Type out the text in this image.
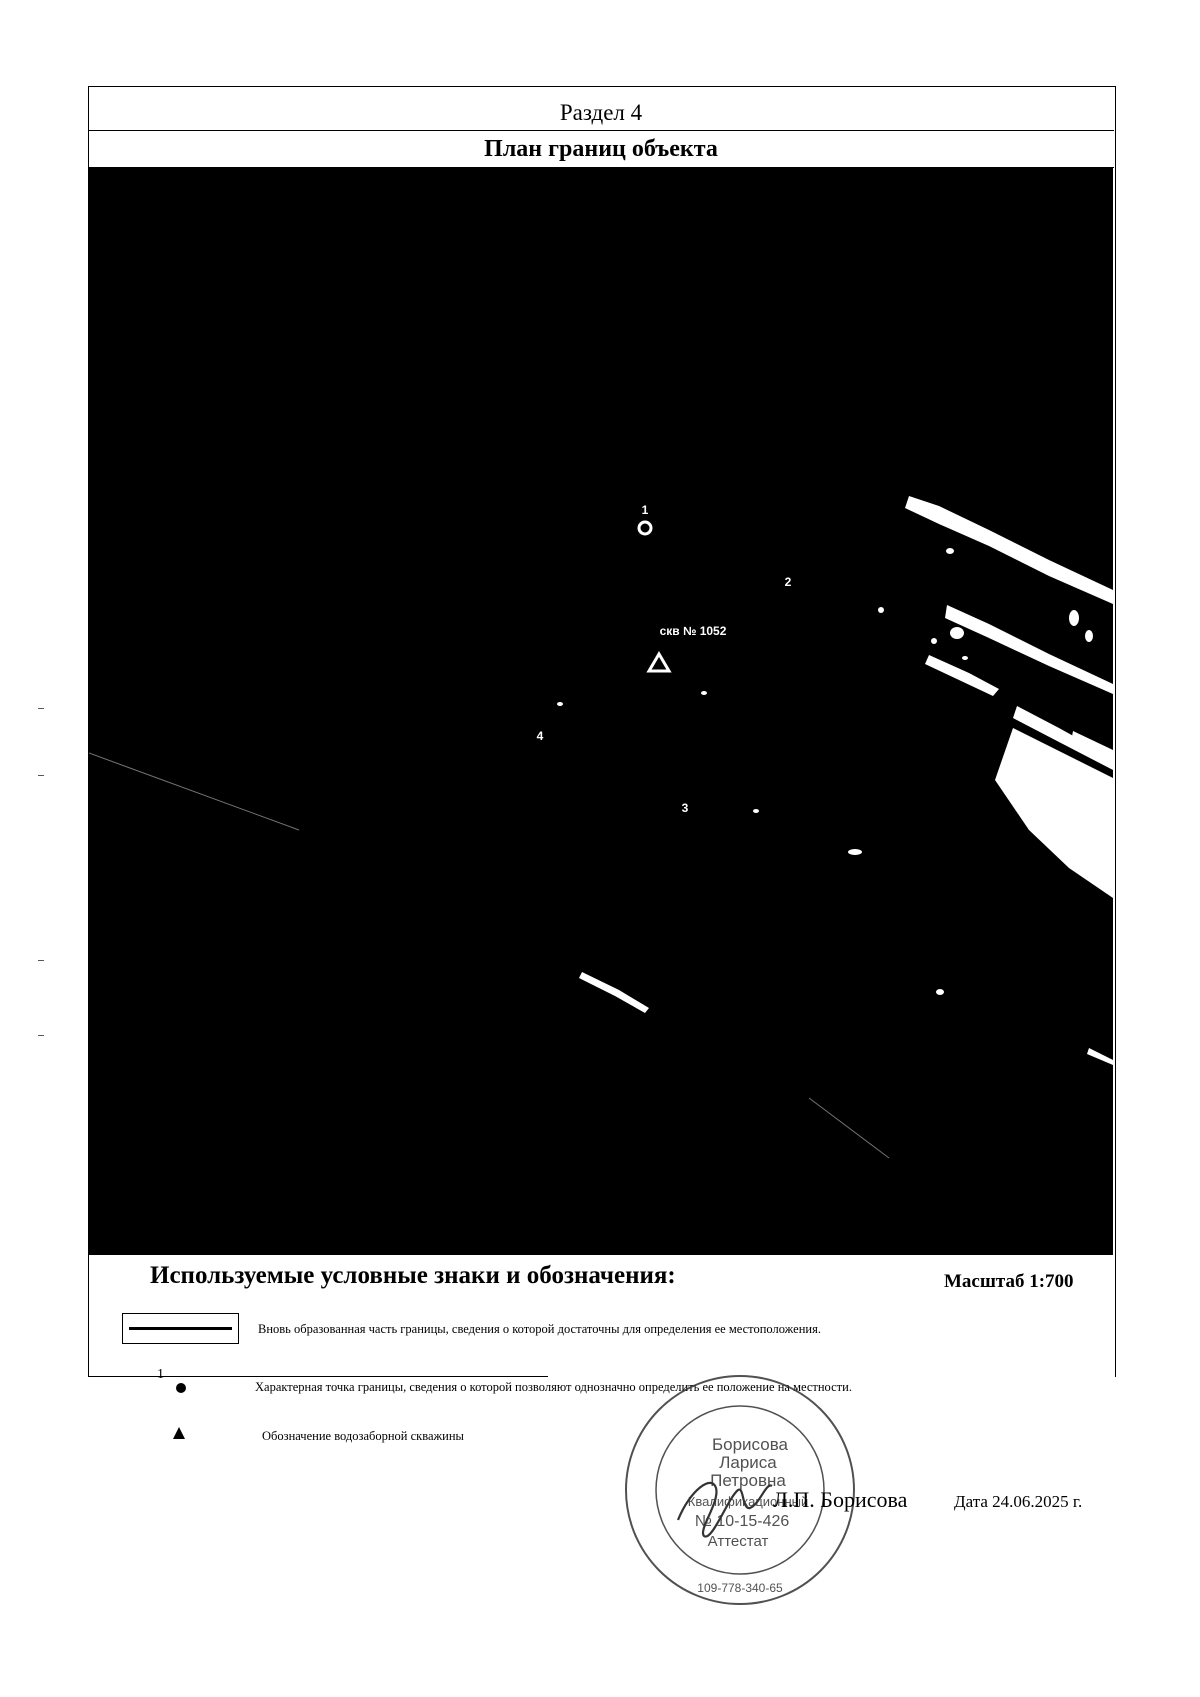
Раздел 4
План границ объекта
1
2
3
4
скв № 1052
Используемые условные знаки и обозначения:	Масштаб 1:700
Вновь образованная часть границы, сведения о которой достаточны для определения ее местоположения.
1
Характерная точка границы, сведения о которой позволяют однозначно определить ее положение на местности.
Обозначение водозаборной скважины	Борисова
Лариса
Петровна
Квалификационный
№ 10-15-426
Аттестат
109-778-340-65
Л.П. Борисова	Дата 24.06.2025 г.
